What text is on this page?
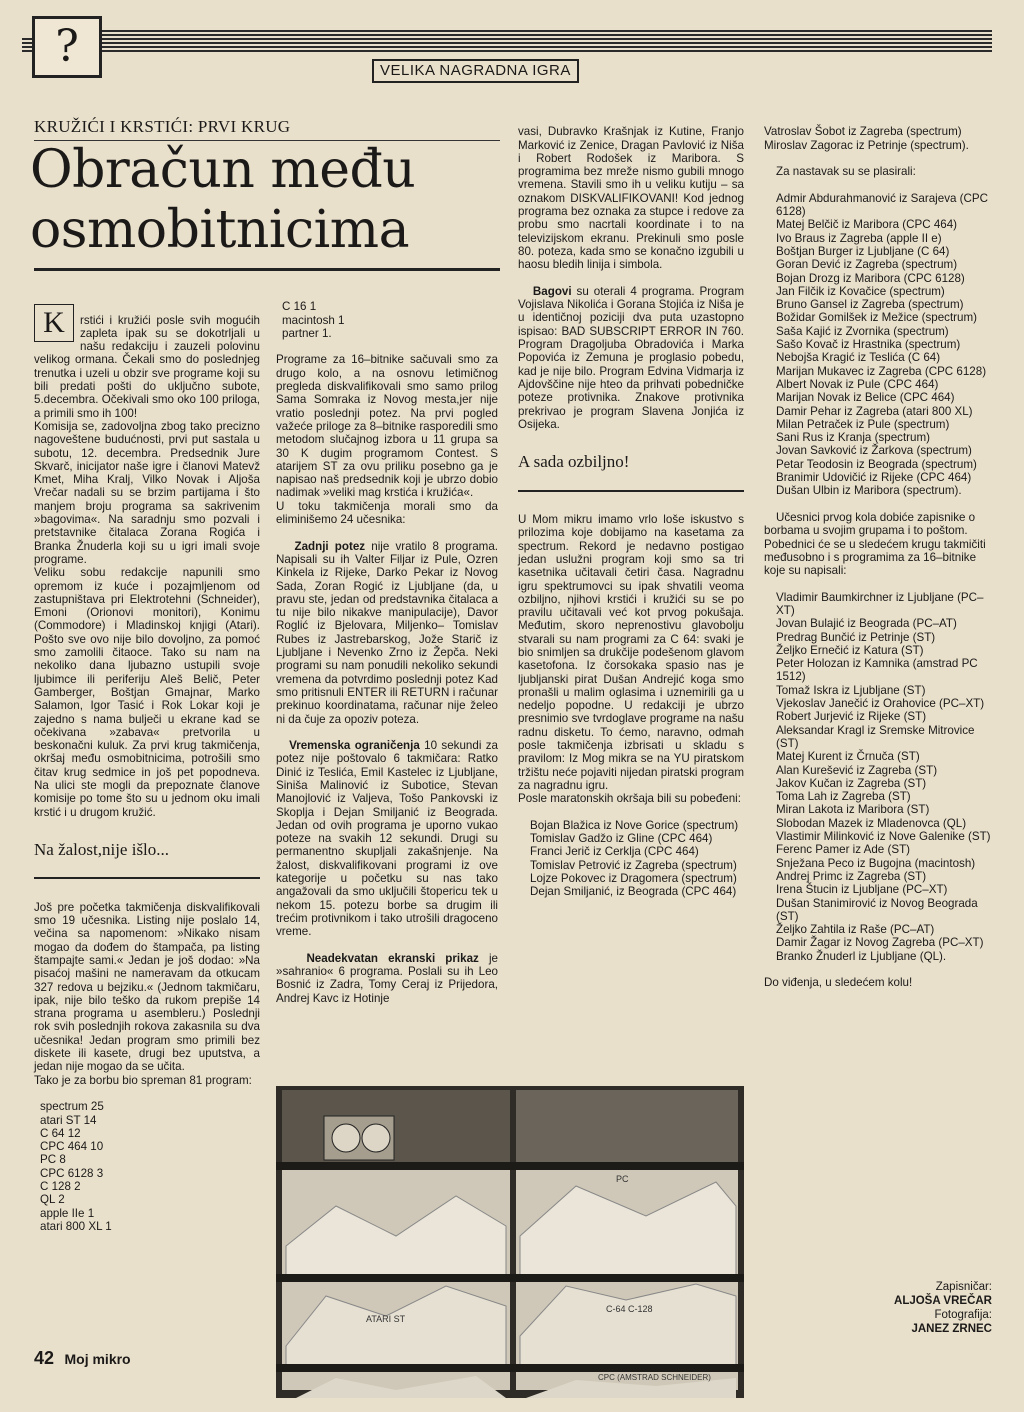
?	VELIKA NAGRADNA IGRA
KRUŽIĆI I KRSTIĆI: PRVI KRUG
Obračun među
osmobitnicima

K	rstići i kružići posle svih mogućih zapleta ipak su se dokotrljali u našu redakciju i zauzeli polovinu velikog ormana. Čekali smo do poslednjeg trenutka i uzeli u obzir sve programe koji su bili predati pošti do uključno subote, 5.decembra. Očekivali smo oko 100 priloga, a primili smo ih 100!
Komisija se, zadovoljna zbog tako precizno nagoveštene budućnosti, prvi put sastala u subotu, 12. decembra. Predsednik Jure Skvarč, inicijator naše igre i članovi Matevž Kmet, Miha Kralj, Vilko Novak i Aljoša Vrečar nadali su se brzim partijama i što manjem broju programa sa sakrivenim »bagovima«. Na saradnju smo pozvali i pretstavnike čitalaca Zorana Rogića i Branka Žnuderla koji su u igri imali svoje programe.
Veliku sobu redakcije napunili smo opremom iz kuće i pozajmljenom od zastupništava pri Elektrotehni (Schneider), Emoni (Orionovi monitori), Konimu (Commodore) i Mladinskoj knjigi (Atari). Pošto sve ovo nije bilo dovoljno, za pomoć smo zamolili čitaoce. Tako su nam na nekoliko dana ljubazno ustupili svoje ljubimce ili periferiju Aleš Belič, Peter Gamberger, Boštjan Gmajnar, Marko Salamon, Igor Tasić i Rok Lokar koji je zajedno s nama bulječi u ekrane kad se očekivana »zabava« pretvorila u beskonačni kuluk. Za prvi krug takmičenja, okršaj među osmobitnicima, potrošili smo čitav krug sedmice in još pet popodneva. Na ulici ste mogli da prepoznate članove komisije po tome što su u jednom oku imali krstić i u drugom kružić.

Na žalost,nije išlo...

Još pre početka takmičenja diskvalifikovali smo 19 učesnika. Listing nije poslalo 14, večina sa napomenom: »Nikako nisam mogao da dođem do štampača, pa listing štampajte sami.« Jedan je još dodao: »Na pisaćoj mašini ne nameravam da otkucam 327 redova u bejziku.« (Jednom takmičaru, ipak, nije bilo teško da rukom prepiše 14 strana programa u asembleru.) Poslednji rok svih poslednjih rokova zakasnila su dva učesnika! Jedan program smo primili bez diskete ili kasete, drugi bez uputstva, a jedan nije mogao da se učita.
Tako je za borbu bio spreman 81 program:

spectrum 25
atari ST 14
C 64 12
CPC 464 10
PC 8
CPC 6128 3
C 128 2
QL 2
apple IIe 1
atari 800 XL 1

C 16 1
macintosh 1
partner 1.

Programe za 16–bitnike sačuvali smo za drugo kolo, a na osnovu letimičnog pregleda diskvalifikovali smo samo prilog Sama Somraka iz Novog mesta,jer nije vratio poslednji potez. Na prvi pogled važeće priloge za 8–bitnike rasporedili smo metodom slučajnog izbora u 11 grupa sa 30 K dugim programom Contest. S atarijem ST za ovu priliku posebno ga je napisao naš predsednik koji je ubrzo dobio nadimak »veliki mag krstića i kružića«.
U toku takmičenja morali smo da eliminišemo 24 učesnika:

Zadnji potez nije vratilo 8 programa. Napisali su ih Valter Filjar iz Pule, Ozren Kinkela iz Rijeke, Darko Pekar iz Novog Sada, Zoran Rogić iz Ljubljane (da, u pravu ste, jedan od predstavnika čitalaca a tu nije bilo nikakve manipulacije), Davor Roglić iz Bjelovara, Miljenko– Tomislav Rubes iz Jastrebarskog, Jože Starič iz Ljubljane i Nevenko Zrno iz Žepča. Neki programi su nam ponudili nekoliko sekundi vremena da potvrdimo poslednji potez Kad smo pritisnuli ENTER ili RETURN i računar prekinuo koordinatama, računar nije želeo ni da čuje za opoziv poteza.

Vremenska ograničenja 10 sekundi za potez nije poštovalo 6 takmičara: Ratko Dinić iz Teslića, Emil Kastelec iz Ljubljane, Siniša Malinović iz Subotice, Stevan Manojlović iz Valjeva, Tošo Pankovski iz Skoplja i Dejan Smiljanić iz Beograda. Jedan od ovih programa je uporno vukao poteze na svakih 12 sekundi. Drugi su permanentno skupljali zakašnjenje. Na žalost, diskvalifikovani programi iz ove kategorije u početku su nas tako angažovali da smo uključili štopericu tek u nekom 15. potezu borbe sa drugim ili trećim protivnikom i tako utrošili dragoceno vreme.

Neadekvatan ekranski prikaz je »sahranio« 6 programa. Poslali su ih Leo Bosnić iz Zadra, Tomy Ceraj iz Prijedora, Andrej Kavc iz Hotinje

vasi, Dubravko Krašnjak iz Kutine, Franjo Marković iz Zenice, Dragan Pavlović iz Niša i Robert Rodošek iz Maribora. S programima bez mreže nismo gubili mnogo vremena. Stavili smo ih u veliku kutiju – sa oznakom DISKVALIFIKOVANI! Kod jednog programa bez oznaka za stupce i redove za probu smo nacrtali koordinate i to na televizijskom ekranu. Prekinuli smo posle 80. poteza, kada smo se konačno izgubili u haosu bledih linija i simbola.

Bagovi su oterali 4 programa. Program Vojislava Nikolića i Gorana Stojića iz Niša je u identičnoj poziciji dva puta uzastopno ispisao: BAD SUBSCRIPT ERROR IN 760. Program Dragoljuba Obradovića i Marka Popovića iz Zemuna je proglasio pobedu, kad je nije bilo. Program Edvina Vidmarja iz Ajdovščine nije hteo da prihvati pobedničke poteze protivnika. Znakove protivnika prekrivao je program Slavena Jonjića iz Osijeka.

A sada ozbiljno!

U Mom mikru imamo vrlo loše iskustvo s prilozima koje dobijamo na kasetama za spectrum. Rekord je nedavno postigao jedan uslužni program koji smo sa tri kasetnika učitavali četiri časa. Nagradnu igru spektrumovci su ipak shvatili veoma ozbiljno, njihovi krstići i kružići su se po pravilu učitavali već kot prvog pokušaja. Međutim, skoro neprenostivu glavobolju stvarali su nam programi za C 64: svaki je bio snimljen sa drukčije podešenom glavom kasetofona. Iz čorsokaka spasio nas je ljubljanski pirat Dušan Andrejić koga smo pronašli u malim oglasima i uznemirili ga u nedeljo popodne. U redakciji je ubrzo presnimio sve tvrdoglave programe na našu radnu disketu. To ćemo, naravno, odmah posle takmičenja izbrisati u skladu s pravilom: Iz Mog mikra se na YU piratskom tržištu neće pojaviti nijedan piratski program za nagradnu igru.
Posle maratonskih okršaja bili su pobeđeni:

Bojan Blažica iz Nove Gorice (spectrum)
Tomislav Gadžo iz Gline (CPC 464)
Franci Jerič iz Cerklja (CPC 464)
Tomislav Petrović iz Zagreba (spectrum)
Lojze Pokovec iz Dragomera (spectrum)
Dejan Smiljanić, iz Beograda (CPC 464)

Vatroslav Šobot iz Zagreba (spectrum)
Miroslav Zagorac iz Petrinje (spectrum).

Za nastavak su se plasirali:

Admir Abdurahmanović iz Sarajeva (CPC 6128)
Matej Belčič iz Maribora (CPC 464)
Ivo Braus iz Zagreba (apple II e)
Boštjan Burger iz Ljubljane (C 64)
Goran Dević iz Zagreba (spectrum)
Bojan Drozg iz Maribora (CPC 6128)
Jan Filčik iz Kovačice (spectrum)
Bruno Gansel iz Zagreba (spectrum)
Božidar Gomilšek iz Mežice (spectrum)
Saša Kajić iz Zvornika (spectrum)
Sašo Kovač iz Hrastnika (spectrum)
Nebojša Kragić iz Teslića (C 64)
Marijan Mukavec iz Zagreba (CPC 6128)
Albert Novak iz Pule (CPC 464)
Marijan Novak iz Belice (CPC 464)
Damir Pehar iz Zagreba (atari 800 XL)
Milan Petraček iz Pule (spectrum)
Sani Rus iz Kranja (spectrum)
Jovan Savković iz Žarkova (spectrum)
Petar Teodosin iz Beograda (spectrum)
Branimir Udovičić iz Rijeke (CPC 464)
Dušan Ulbin iz Maribora (spectrum).

Učesnici prvog kola dobiće zapisnike o borbama u svojim grupama i to poštom. Pobednici će se u sledećem krugu takmičiti međusobno i s programima za 16–bitnike koje su napisali:

Vladimir Baumkirchner iz Ljubljane (PC–XT)
Jovan Bulajić iz Beograda (PC–AT)
Predrag Bunčić iz Petrinje (ST)
Željko Ernečić iz Katura (ST)
Peter Holozan iz Kamnika (amstrad PC 1512)
Tomaž Iskra iz Ljubljane (ST)
Vjekoslav Janečić iz Orahovice (PC–XT)
Robert Jurjević iz Rijeke (ST)
Aleksandar Kragl iz Sremske Mitrovice (ST)
Matej Kurent iz Črnuča (ST)
Alan Kurešević iz Zagreba (ST)
Jakov Kučan iz Zagreba (ST)
Toma Lah iz Zagreba (ST)
Miran Lakota iz Maribora (ST)
Slobodan Mazek iz Mladenovca (QL)
Vlastimir Milinković iz Nove Galenike (ST)
Ferenc Pamer iz Ade (ST)
Snježana Peco iz Bugojna (macintosh)
Andrej Primc iz Zagreba (ST)
Irena Štucin iz Ljubljane (PC–XT)
Dušan Stanimirović iz Novog Beograda (ST)
Željko Zahtila iz Raše (PC–AT)
Damir Žagar iz Novog Zagreba (PC–XT)
Branko Žnuderl iz Ljubljane (QL).

Do viđenja, u sledećem kolu!

PC
ATARI ST
C-64 C-128
CPC (AMSTRAD SCHNEIDER)
Zapisničar:
ALJOŠA VREČAR
Fotografija:
JANEZ ZRNEC
42 Moj mikro
